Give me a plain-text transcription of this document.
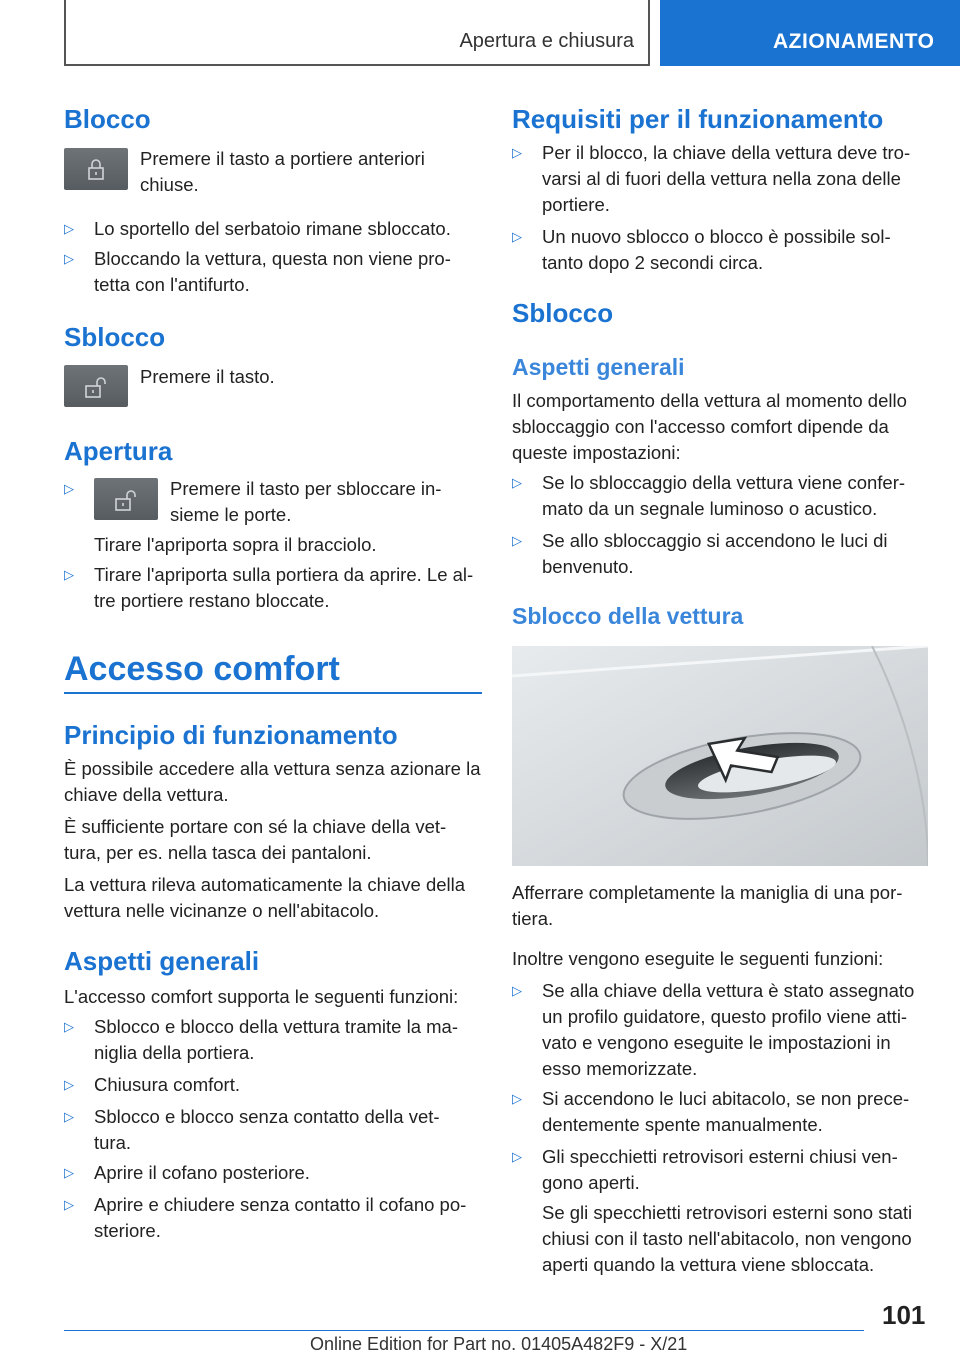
Apertura e chiusura	AZIONAMENTO
Blocco
Premere il tasto a portiere anteriori chiuse.
▷ Lo sportello del serbatoio rimane sbloccato.
▷ Bloccando la vettura, questa non viene pro-tetta con l'antifurto.
Sblocco
Premere il tasto.
Apertura
▷	Premere il tasto per sbloccare in-sieme le porte.
Tirare l'apriporta sopra il bracciolo.
▷ Tirare l'apriporta sulla portiera da aprire. Le al-tre portiere restano bloccate.
Accesso comfort
Principio di funzionamento
È possibile accedere alla vettura senza azionare la chiave della vettura.
È sufficiente portare con sé la chiave della vet-tura, per es. nella tasca dei pantaloni.
La vettura rileva automaticamente la chiave della vettura nelle vicinanze o nell'abitacolo.
Aspetti generali
L'accesso comfort supporta le seguenti funzioni:
▷ Sblocco e blocco della vettura tramite la ma-niglia della portiera.
▷ Chiusura comfort.
▷ Sblocco e blocco senza contatto della vet-tura.
▷ Aprire il cofano posteriore.
▷ Aprire e chiudere senza contatto il cofano po-steriore.
Requisiti per il funzionamento
▷ Per il blocco, la chiave della vettura deve tro-varsi al di fuori della vettura nella zona delle portiere.
▷ Un nuovo sblocco o blocco è possibile sol-tanto dopo 2 secondi circa.
Sblocco
Aspetti generali
Il comportamento della vettura al momento dello sbloccaggio con l'accesso comfort dipende da queste impostazioni:
▷ Se lo sbloccaggio della vettura viene confer-mato da un segnale luminoso o acustico.
▷ Se allo sbloccaggio si accendono le luci di benvenuto.
Sblocco della vettura
Afferrare completamente la maniglia di una por-tiera.
Inoltre vengono eseguite le seguenti funzioni:
▷ Se alla chiave della vettura è stato assegnato un profilo guidatore, questo profilo viene atti-vato e vengono eseguite le impostazioni in esso memorizzate.
▷ Si accendono le luci abitacolo, se non prece-dentemente spente manualmente.
▷ Gli specchietti retrovisori esterni chiusi ven-gono aperti.
Se gli specchietti retrovisori esterni sono stati chiusi con il tasto nell'abitacolo, non vengono aperti quando la vettura viene sbloccata.
101
Online Edition for Part no. 01405A482F9 - X/21
